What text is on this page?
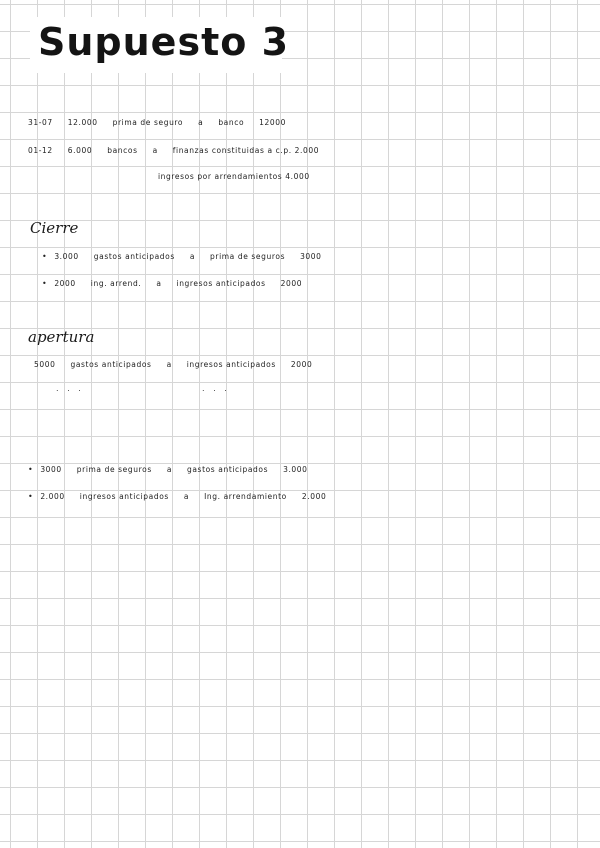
Supuesto 3
31-07 12.000 prima de seguro a banco 12000
01-12 6.000 bancos a finanzas constituidas a c.p. 2.000
ingresos por arrendamientos 4.000
Cierre
• 3.000 gastos anticipados a prima de seguros 3000
• 2000 ing. arrend. a ingresos anticipados 2000
apertura
5000 gastos anticipados a ingresos anticipados 2000
. . .	. . .
• 3000 prima de seguros a gastos anticipados 3.000
• 2.000 ingresos anticipados a Ing. arrendamiento 2.000
